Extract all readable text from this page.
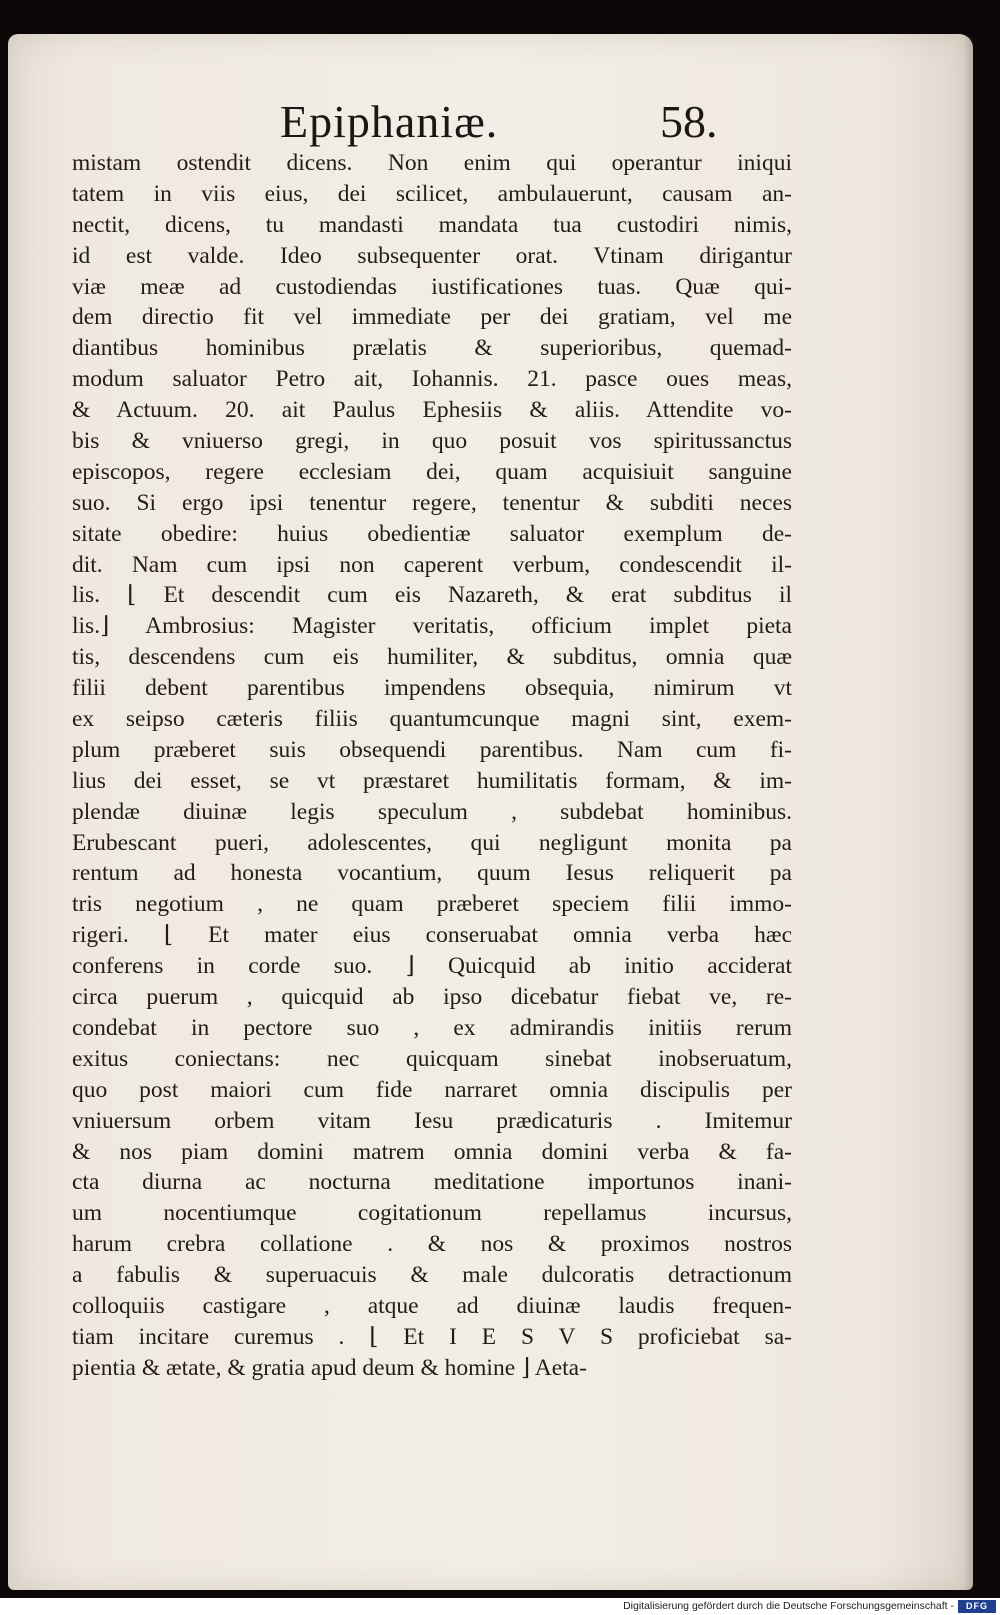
Epiphaniæ.	58.
mistam ostendit dicens. Non enim qui operantur iniqui
tatem in viis eius, dei scilicet, ambulauerunt, causam an-
nectit, dicens, tu mandasti mandata tua custodiri nimis,
id est valde. Ideo subsequenter orat. Vtinam dirigantur
viæ meæ ad custodiendas iustificationes tuas. Quæ qui-
dem directio fit vel immediate per dei gratiam, vel me
diantibus hominibus prælatis & superioribus, quemad-
modum saluator Petro ait, Iohannis. 21. pasce oues meas,
& Actuum. 20. ait Paulus Ephesiis & aliis. Attendite vo-
bis & vniuerso gregi, in quo posuit vos spiritussanctus
episcopos, regere ecclesiam dei, quam acquisiuit sanguine
suo. Si ergo ipsi tenentur regere, tenentur & subditi neces
sitate obedire: huius obedientiæ saluator exemplum de-
dit. Nam cum ipsi non caperent verbum, condescendit il-
lis. ⌊ Et descendit cum eis Nazareth, & erat subditus il
lis.⌋ Ambrosius: Magister veritatis, officium implet pieta
tis, descendens cum eis humiliter, & subditus, omnia quæ
filii debent parentibus impendens obsequia, nimirum vt
ex seipso cæteris filiis quantumcunque magni sint, exem-
plum præberet suis obsequendi parentibus. Nam cum fi-
lius dei esset, se vt præstaret humilitatis formam, & im-
plendæ diuinæ legis speculum , subdebat hominibus.
Erubescant pueri, adolescentes, qui negligunt monita pa
rentum ad honesta vocantium, quum Iesus reliquerit pa
tris negotium , ne quam præberet speciem filii immo-
rigeri. ⌊ Et mater eius conseruabat omnia verba hæc
conferens in corde suo. ⌋ Quicquid ab initio acciderat
circa puerum , quicquid ab ipso dicebatur fiebat ve, re-
condebat in pectore suo , ex admirandis initiis rerum
exitus coniectans: nec quicquam sinebat inobseruatum,
quo post maiori cum fide narraret omnia discipulis per
vniuersum orbem vitam Iesu prædicaturis . Imitemur
& nos piam domini matrem omnia domini verba & fa-
cta diurna ac nocturna meditatione importunos inani-
um nocentiumque cogitationum repellamus incursus,
harum crebra collatione . & nos & proximos nostros
a fabulis & superuacuis & male dulcoratis detractionum
colloquiis castigare , atque ad diuinæ laudis frequen-
tiam incitare curemus . ⌊ Et I E S V S proficiebat sa-
pientia & ætate, & gratia apud deum & homine ⌋ Aeta-
Digitalisierung gefördert durch die Deutsche Forschungsgemeinschaft -	DFG
